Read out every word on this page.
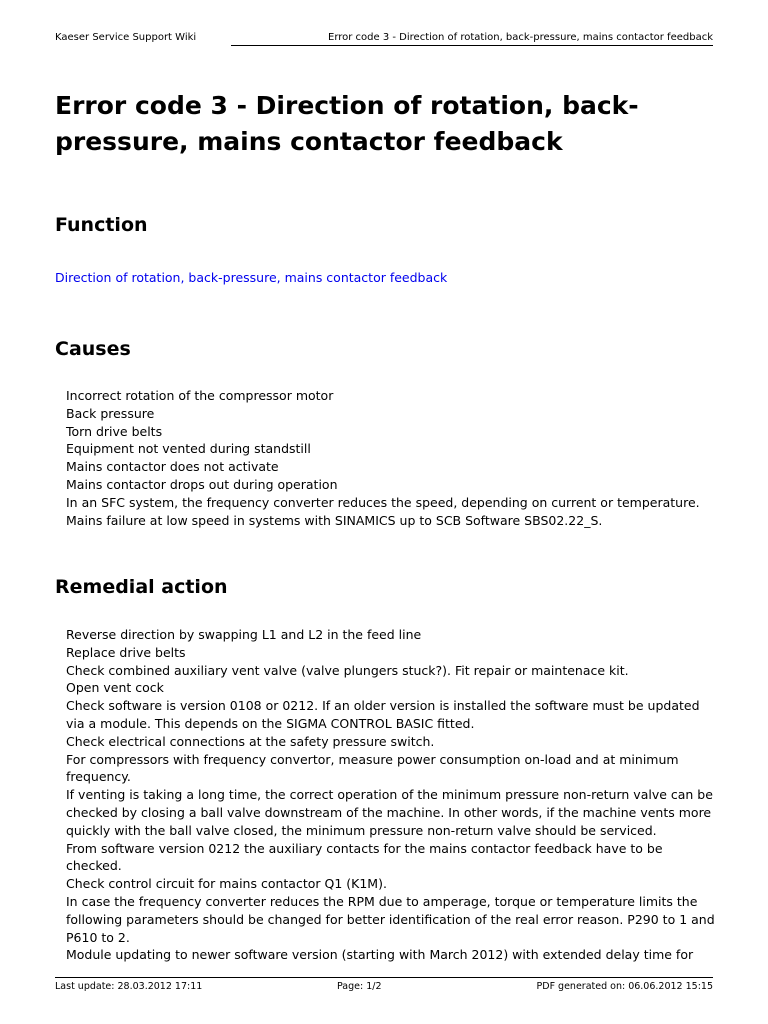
Kaeser Service Support Wiki	Error code 3 - Direction of rotation, back-pressure, mains contactor feedback
Error code 3 - Direction of rotation, back-pressure, mains contactor feedback
Function
Direction of rotation, back-pressure, mains contactor feedback
Causes
Incorrect rotation of the compressor motor
Back pressure
Torn drive belts
Equipment not vented during standstill
Mains contactor does not activate
Mains contactor drops out during operation
In an SFC system, the frequency converter reduces the speed, depending on current or temperature.
Mains failure at low speed in systems with SINAMICS up to SCB Software SBS02.22_S.
Remedial action
Reverse direction by swapping L1 and L2 in the feed line
Replace drive belts
Check combined auxiliary vent valve (valve plungers stuck?). Fit repair or maintenace kit.
Open vent cock
Check software is version 0108 or 0212. If an older version is installed the software must be updated via a module. This depends on the SIGMA CONTROL BASIC fitted.
Check electrical connections at the safety pressure switch.
For compressors with frequency convertor, measure power consumption on-load and at minimum frequency.
If venting is taking a long time, the correct operation of the minimum pressure non-return valve can be checked by closing a ball valve downstream of the machine. In other words, if the machine vents more quickly with the ball valve closed, the minimum pressure non-return valve should be serviced.
From software version 0212 the auxiliary contacts for the mains contactor feedback have to be checked.
Check control circuit for mains contactor Q1 (K1M).
In case the frequency converter reduces the RPM due to amperage, torque or temperature limits the following parameters should be changed for better identification of the real error reason. P290 to 1 and P610 to 2.
Module updating to newer software version (starting with March 2012) with extended delay time for
Last update: 28.03.2012 17:11	Page: 1/2	PDF generated on: 06.06.2012 15:15
